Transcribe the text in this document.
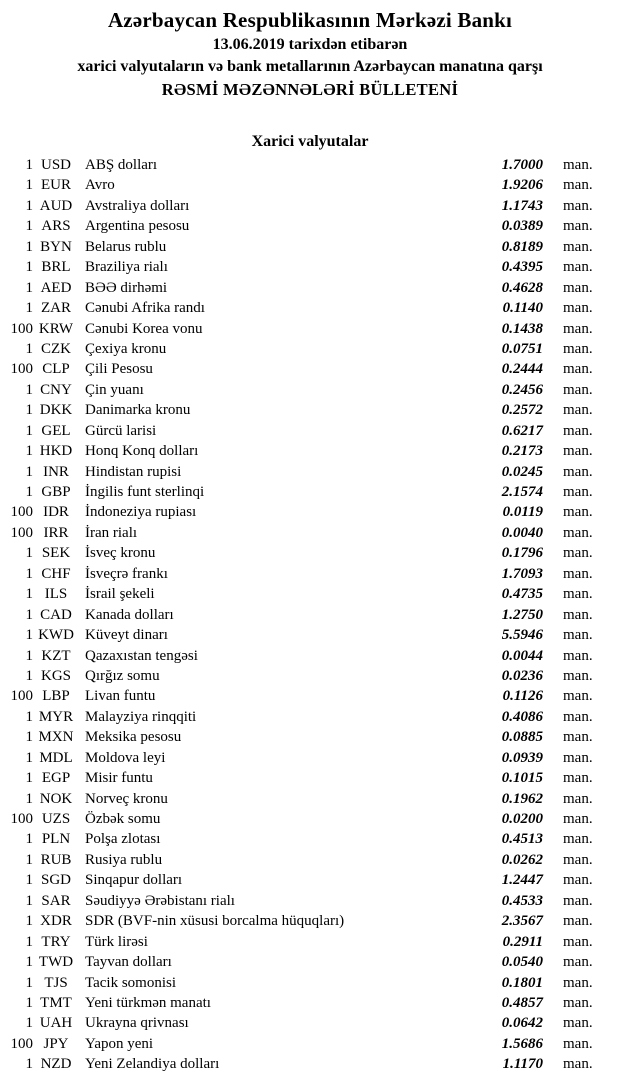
Azərbaycan Respublikasının Mərkəzi Bankı
13.06.2019 tarixdən etibarən
xarici valyutaların və bank metallarının Azərbaycan manatına qarşı
RƏSMİ MƏZƏNNƏLƏRİ BÜLLETENİ
Xarici valyutalar
1 USD ABŞ dolları	1.7000	man.
1 EUR Avro	1.9206	man.
1 AUD Avstraliya dolları	1.1743	man.
1 ARS Argentina pesosu	0.0389	man.
1 BYN Belarus rublu	0.8189	man.
1 BRL Braziliya rialı	0.4395	man.
1 AED BƏƏ dirhəmi	0.4628	man.
1 ZAR Cənubi Afrika randı	0.1140	man.
100 KRW Cənubi Korea vonu	0.1438	man.
1 CZK Çexiya kronu	0.0751	man.
100 CLP	Çili Pesosu	0.2444	man.
1 CNY Çin yuanı	0.2456	man.
1 DKK Danimarka kronu	0.2572	man.
1 GEL Gürcü larisi	0.6217	man.
1 HKD Honq Konq dolları	0.2173	man.
1 INR	Hindistan rupisi	0.0245	man.
1 GBP İngilis funt sterlinqi	2.1574	man.
100 IDR	İndoneziya rupiası	0.0119	man.
100 IRR	İran rialı	0.0040	man.
1 SEK İsveç kronu	0.1796	man.
1 CHF İsveçrə frankı	1.7093	man.
1 ILS	İsrail şekeli	0.4735	man.
1 CAD Kanada dolları	1.2750	man.
1 KWD Küveyt dinarı	5.5946	man.
1 KZT Qazaxıstan tengəsi	0.0044	man.
1 KGS Qırğız somu	0.0236	man.
100 LBP	Livan funtu	0.1126	man.
1 MYR Malayziya rinqqiti	0.4086	man.
1 MXN Meksika pesosu	0.0885	man.
1 MDL Moldova leyi	0.0939	man.
1 EGP Misir funtu	0.1015	man.
1 NOK Norveç kronu	0.1962	man.
100 UZS Özbək somu	0.0200	man.
1 PLN Polşa zlotası	0.4513	man.
1 RUB Rusiya rublu	0.0262	man.
1 SGD Sinqapur dolları	1.2447	man.
1 SAR Səudiyyə Ərəbistanı rialı	0.4533	man.
1 XDR SDR (BVF-nin xüsusi borcalma hüquqları)	2.3567	man.
1 TRY Türk lirəsi	0.2911	man.
1 TWD Tayvan dolları	0.0540	man.
1 TJS	Tacik somonisi	0.1801	man.
1 TMT Yeni türkmən manatı	0.4857	man.
1 UAH Ukrayna qrivnası	0.0642	man.
100 JPY	Yapon yeni	1.5686	man.
1 NZD Yeni Zelandiya dolları	1.1170	man.
